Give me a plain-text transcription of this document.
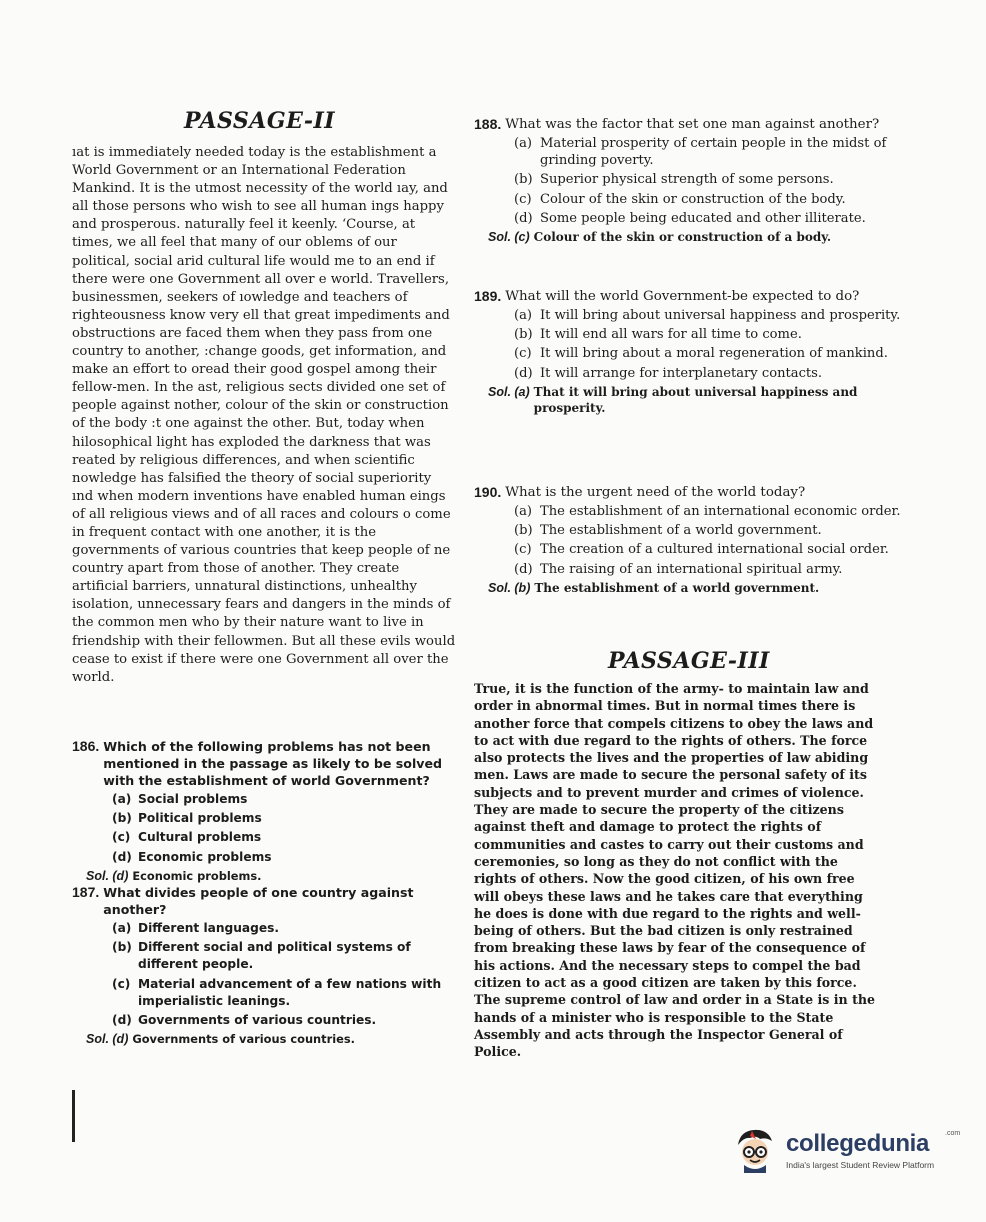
PASSAGE-II

ıat is immediately needed today is the establishment a World Government or an International Federation Mankind. It is the utmost necessity of the world ıay, and all those persons who wish to see all human ings happy and prosperous. naturally feel it keenly. ‘Course, at times, we all feel that many of our oblems of our political, social arid cultural life would me to an end if there were one Government all over e world. Travellers, businessmen, seekers of ıowledge and teachers of righteousness know very ell that great impediments and obstructions are faced them when they pass from one country to another, :change goods, get information, and make an effort to oread their good gospel among their fellow-men. In the ast, religious sects divided one set of people against nother, colour of the skin or construction of the body :t one against the other. But, today when hilosophical light has exploded the darkness that was reated by religious differences, and when scientific nowledge has falsified the theory of social superiority ınd when modern inventions have enabled human eings of all religious views and of all races and colours o come in frequent contact with one another, it is the governments of various countries that keep people of ne country apart from those of another. They create artificial barriers, unnatural distinctions, unhealthy isolation, unnecessary fears and dangers in the minds of the common men who by their nature want to live in friendship with their fellowmen. But all these evils would cease to exist if there were one Government all over the world.

186. Which of the following problems has not been mentioned in the passage as likely to be solved with the establishment of world Government?
(a) Social problems
(b) Political problems
(c) Cultural problems
(d) Economic problems
Sol. (d) Economic problems.
187. What divides people of one country against another?
(a) Different languages.
(b) Different social and political systems of different people.
(c) Material advancement of a few nations with imperialistic leanings.
(d) Governments of various countries.
Sol. (d) Governments of various countries.
188. What was the factor that set one man against another?
(a) Material prosperity of certain people in the midst of grinding poverty.
(b) Superior physical strength of some persons.
(c) Colour of the skin or construction of the body.
(d) Some people being educated and other illiterate.
Sol. (c) Colour of the skin or construction of a body.
189. What will the world Government-be expected to do?
(a) It will bring about universal happiness and prosperity.
(b) It will end all wars for all time to come.
(c) It will bring about a moral regeneration of mankind.
(d) It will arrange for interplanetary contacts.
Sol. (a) That it will bring about universal happiness and prosperity.
190. What is the urgent need of the world today?
(a) The establishment of an international economic order.
(b) The establishment of a world government.
(c) The creation of a cultured international social order.
(d) The raising of an international spiritual army.
Sol. (b) The establishment of a world government.
PASSAGE-III

True, it is the function of the army- to maintain law and order in abnormal times. But in normal times there is another force that compels citizens to obey the laws and to act with due regard to the rights of others. The force also protects the lives and the properties of law abiding men. Laws are made to secure the personal safety of its subjects and to prevent murder and crimes of violence. They are made to secure the property of the citizens against theft and damage to protect the rights of communities and castes to carry out their customs and ceremonies, so long as they do not conflict with the rights of others. Now the good citizen, of his own free will obeys these laws and he takes care that everything he does is done with due regard to the rights and well-being of others. But the bad citizen is only restrained from breaking these laws by fear of the consequence of his actions. And the necessary steps to compel the bad citizen to act as a good citizen are taken by this force. The supreme control of law and order in a State is in the hands of a minister who is responsible to the State Assembly and acts through the Inspector General of Police.

collegedunia
India's largest Student Review Platform
.com
